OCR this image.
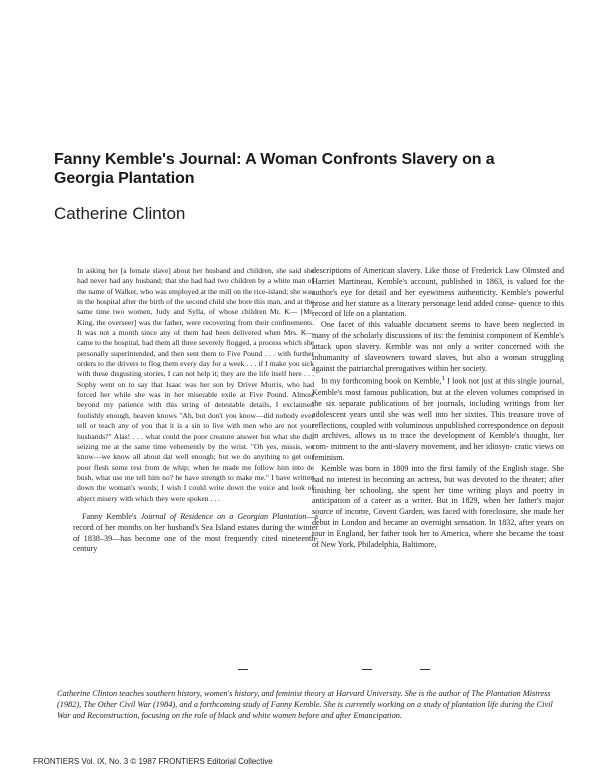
Fanny Kemble's Journal: A Woman Confronts Slavery on a Georgia Plantation

Catherine Clinton

In asking her [a female slave] about her husband and children, she said she had never had any husband; that she had had two children by a white man of the name of Walker, who was employed at the mill on the rice-island; she was in the hospital after the birth of the second child she bore this man, and at the same time two women, Judy and Sylla, of whose children Mr. K— [Mr. King, the overseer] was the father, were recovering from their confinements. It was not a month since any of them had been delivered when Mrs. K— came to the hospital, had them all three severely flogged, a process which she personally superintended, and then sent them to Five Pound . . . with further orders to the drivers to flog them every day for a week . . . if I make you sick with these disgusting stories, I can not help it; they are the life itself here . . . Sophy went on to say that Isaac was her son by Driver Morris, who had forced her while she was in her miserable exile at Five Pound. Almost beyond my patience with this string of detestable details, I exclaimed foolishly enough, heaven knows "Ah, but don't you know—did nobody ever tell or teach any of you that it is a sin to live with men who are not your husbands?" Alas! . . . what could the poor creature answer but what she did, seizing me at the same time vehemently by the wrist. "Oh yes, missis, we know—we know all about dat well enough; but we do anything to get our poor flesh some rest from de whip; when he made me follow him into de bush, what use me tell him no? he have strength to make me." I have written down the woman's words; I wish I could write down the voice and look of abject misery with which they were spoken . . .

Fanny Kemble's Journal of Residence on a Georgian Plantation—a record of her months on her husband's Sea Island estates during the winter of 1838–39—has become one of the most frequently cited nineteenth-century

descriptions of American slavery. Like those of Frederick Law Olmsted and Harriet Martineau, Kemble's account, published in 1863, is valued for the author's eye for detail and her eyewitness authenticity. Kemble's powerful prose and her stature as a literary personage lend added conse- quence to this record of life on a plantation.

One facet of this valuable document seems to have been neglected in many of the scholarly discussions of its: the feminist component of Kemble's attack upon slavery. Kemble was not only a writer concerned with the inhumanity of slaveowners toward slaves, but also a woman struggling against the patriarchal prerogatives within her society.

In my forthcoming book on Kemble,$^1$ I look not just at this single journal, Kemble's most famous publication, but at the eleven volumes comprised in the six separate publications of her journals, including writings from her adolescent years until she was well into her sixties. This treasure trove of reflections, coupled with voluminous unpublished correspondence on deposit in archives, allows us to trace the development of Kemble's thought, her com- mitment to the anti-slavery movement, and her idiosyn- cratic views on feminism.

Kemble was born in 1809 into the first family of the English stage. She had no interest in becoming an actress, but was devoted to the theater; after finishing her schooling, she spent her time writing plays and poetry in anticipation of a career as a writer. But in 1829, when her father's major source of income, Covent Garden, was faced with foreclosure, she made her debut in London and became an overnight sensation. In 1832, after years on tour in England, her father took her to America, where she became the toast of New York, Philadelphia, Baltimore,

Catherine Clinton teaches southern history, women's history, and feminist theory at Harvard University. She is the author of The Plantation Mistress (1982), The Other Civil War (1984), and a forthcoming study of Fanny Kemble. She is currently working on a study of plantation life during the Civil War and Reconstruction, focusing on the role of black and white women before and after Emancipation.

FRONTIERS Vol. IX, No. 3 © 1987 FRONTIERS Editorial Collective
